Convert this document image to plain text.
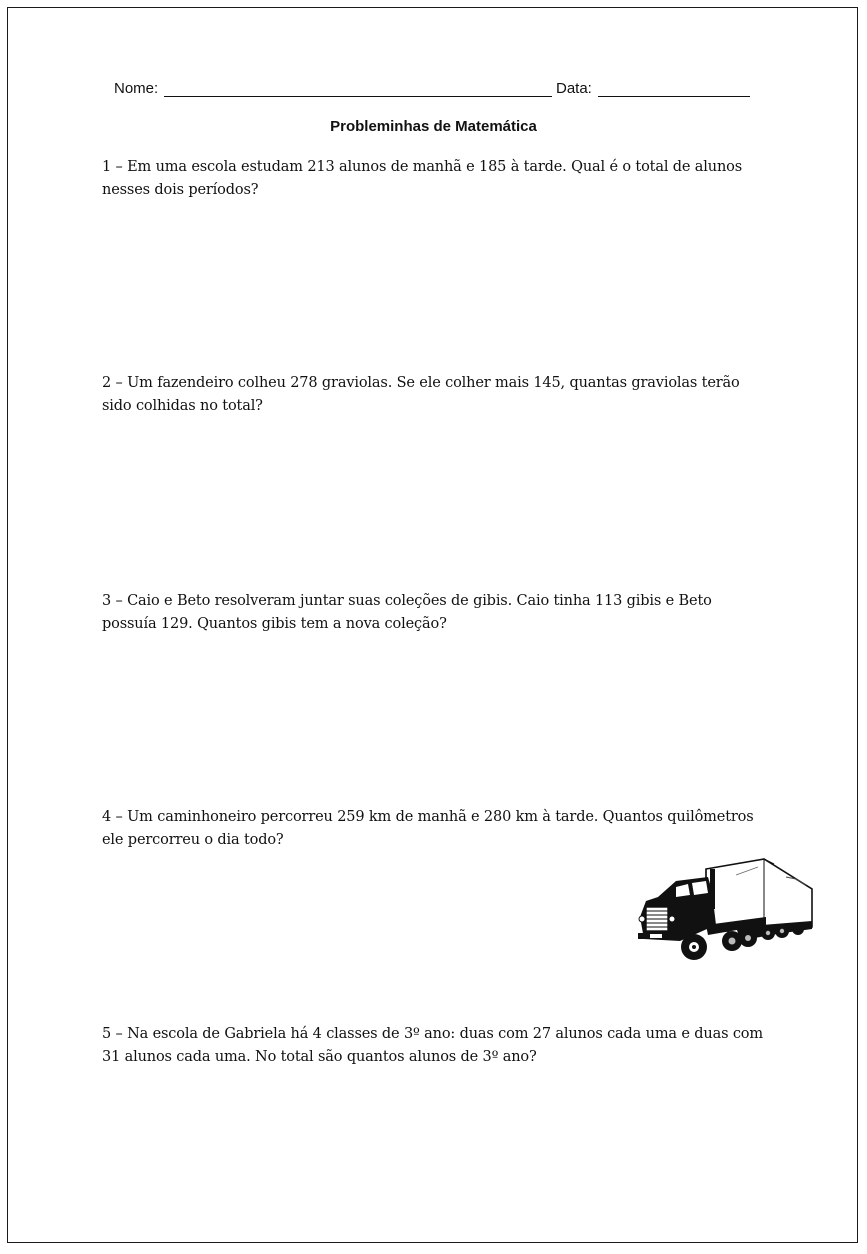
Nome:	Data:
Probleminhas de Matemática
1 – Em uma escola estudam 213 alunos de manhã e 185 à tarde. Qual é o total de alunos
nesses dois períodos?
2 – Um fazendeiro colheu 278 graviolas. Se ele colher mais 145, quantas graviolas terão
sido colhidas no total?
3 – Caio e Beto resolveram juntar suas coleções de gibis. Caio tinha 113 gibis e Beto
possuía 129. Quantos gibis tem a nova coleção?
4 – Um caminhoneiro percorreu 259 km de manhã e 280 km à tarde. Quantos quilômetros
ele percorreu o dia todo?
5 – Na escola de Gabriela há 4 classes de 3º ano: duas com 27 alunos cada uma e duas com
31 alunos cada uma. No total são quantos alunos de 3º ano?
